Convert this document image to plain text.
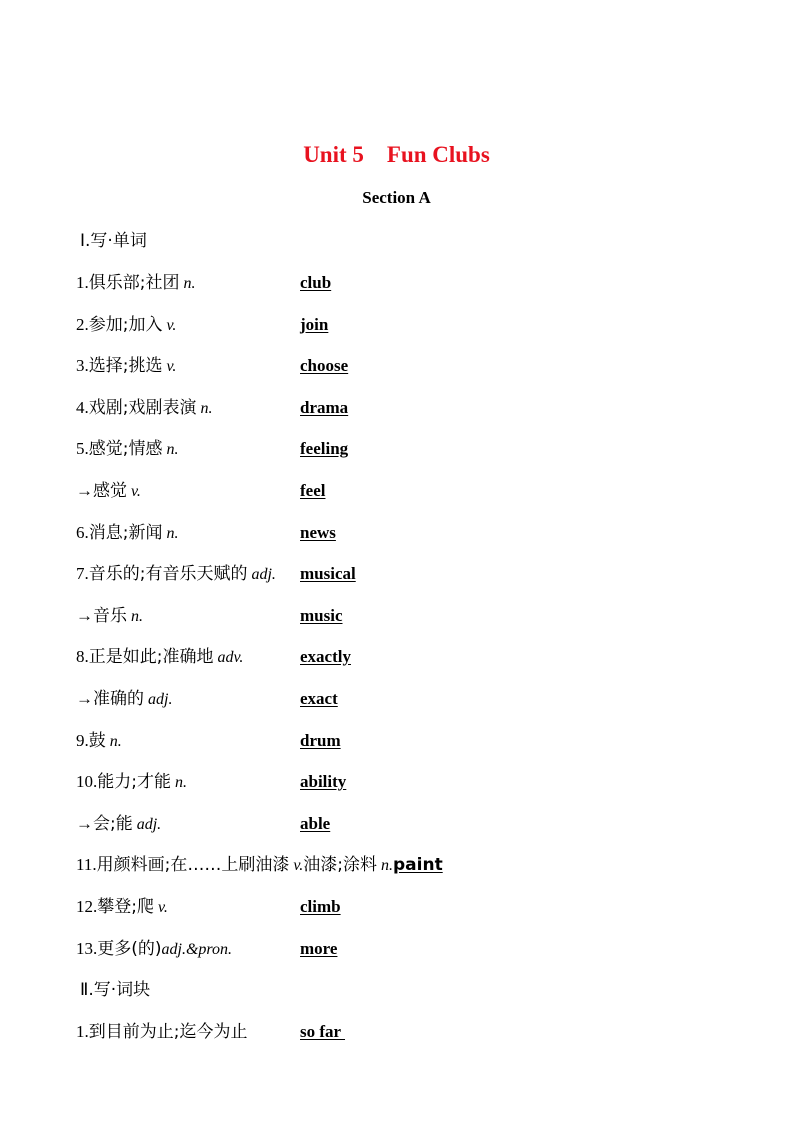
Unit 5    Fun Clubs
Section A
Ⅰ.写·单词
1.俱乐部;社团 n.	club
2.参加;加入 v.	join
3.选择;挑选 v.	choose
4.戏剧;戏剧表演 n.	drama
5.感觉;情感 n.	feeling
→感觉 v.	feel
6.消息;新闻 n.	news
7.音乐的;有音乐天赋的 adj. musical
→音乐 n.	music
8.正是如此;准确地 adv.	exactly
→准确的 adj.	exact
9.鼓 n.	drum
10.能力;才能 n.	ability
→会;能 adj.	able
11.用颜料画;在……上刷油漆 v.油漆;涂料 n.paint
12.攀登;爬 v.	climb
13.更多(的)adj.&pron.	more
Ⅱ.写·词块
1.到目前为止;迄今为止	so far
